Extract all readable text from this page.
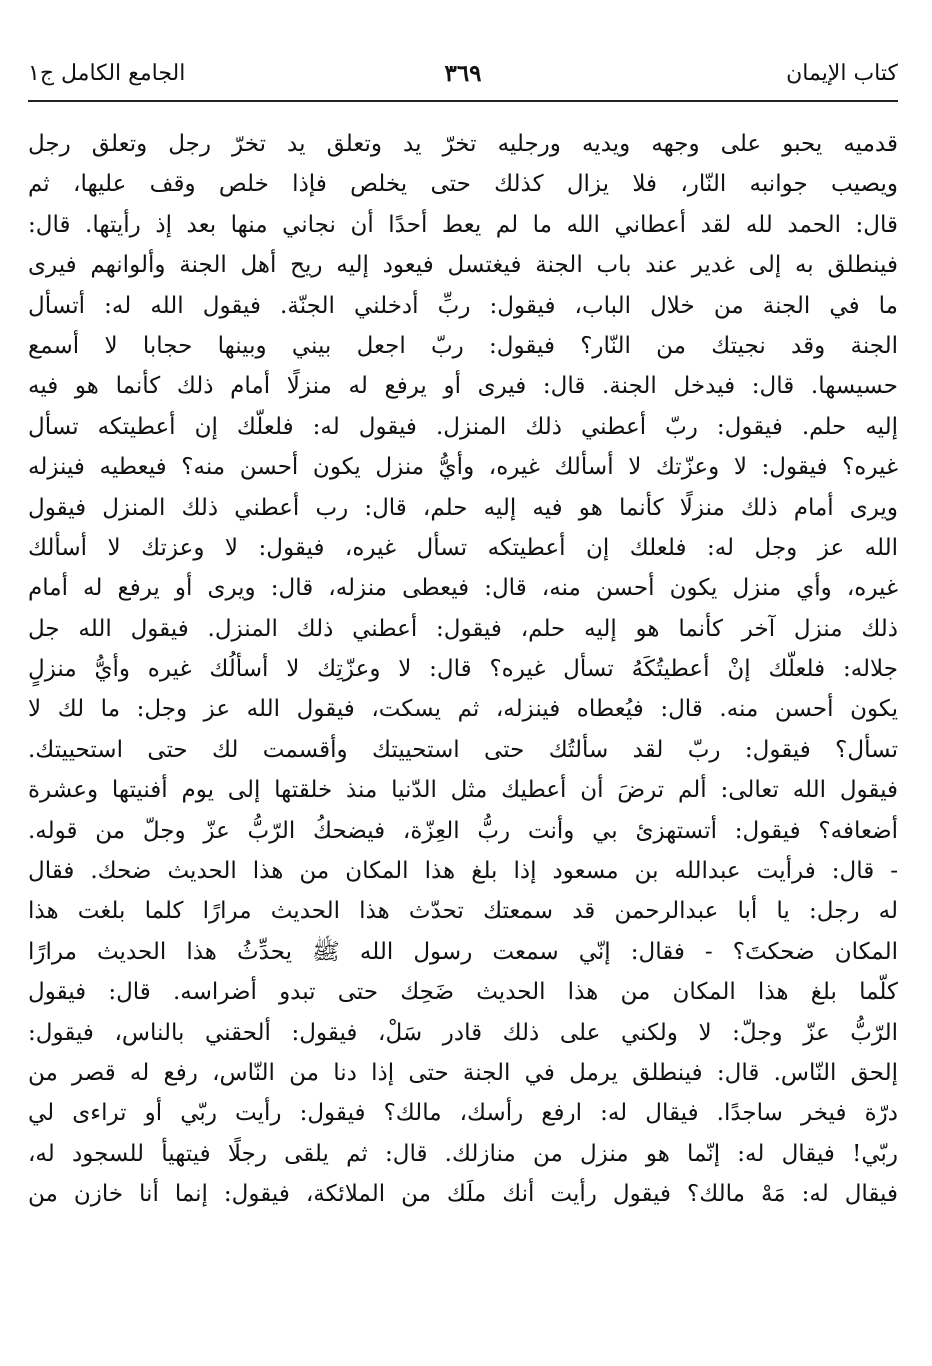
كتاب الإيمان
٣٦٩
الجامع الكامل ج١
قدميه يحبو على وجهه ويديه ورجليه تخرّ يد وتعلق يد تخرّ رجل وتعلق رجل
ويصيب جوانبه النّار، فلا يزال كذلك حتى يخلص فإذا خلص وقف عليها، ثم
قال: الحمد لله لقد أعطاني الله ما لم يعط أحدًا أن نجاني منها بعد إذ رأيتها. قال:
فينطلق به إلى غدير عند باب الجنة فيغتسل فيعود إليه ريح أهل الجنة وألوانهم فيرى
ما في الجنة من خلال الباب، فيقول: ربِّ أدخلني الجنّة. فيقول الله له: أتسأل
الجنة وقد نجيتك من النّار؟ فيقول: ربّ اجعل بيني وبينها حجابا لا أسمع
حسيسها. قال: فيدخل الجنة. قال: فيرى أو يرفع له منزلًا أمام ذلك كأنما هو فيه
إليه حلم. فيقول: ربّ أعطني ذلك المنزل. فيقول له: فلعلّك إن أعطيتكه تسأل
غيره؟ فيقول: لا وعزّتك لا أسألك غيره، وأيُّ منزل يكون أحسن منه؟ فيعطيه فينزله
ويرى أمام ذلك منزلًا كأنما هو فيه إليه حلم، قال: رب أعطني ذلك المنزل فيقول
الله عز وجل له: فلعلك إن أعطيتكه تسأل غيره، فيقول: لا وعزتك لا أسألك
غيره، وأي منزل يكون أحسن منه، قال: فيعطى منزله، قال: ويرى أو يرفع له أمام
ذلك منزل آخر كأنما هو إليه حلم، فيقول: أعطني ذلك المنزل. فيقول الله جل
جلاله: فلعلّك إنْ أعطيتُكَهُ تسأل غيره؟ قال: لا وعزّتِك لا أسألُك غيره وأيُّ منزلٍ
يكون أحسن منه. قال: فيُعطاه فينزله، ثم يسكت، فيقول الله عز وجل: ما لك لا
تسأل؟ فيقول: ربّ لقد سألتُك حتى استحييتك وأقسمت لك حتى استحييتك.
فيقول الله تعالى: ألم ترضَ أن أعطيك مثل الدّنيا منذ خلقتها إلى يوم أفنيتها وعشرة
أضعافه؟ فيقول: أتستهزئ بي وأنت ربُّ العِزّة، فيضحكُ الرّبُّ عزّ وجلّ من قوله.
- قال: فرأيت عبدالله بن مسعود إذا بلغ هذا المكان من هذا الحديث ضحك. فقال
له رجل: يا أبا عبدالرحمن قد سمعتك تحدّث هذا الحديث مرارًا كلما بلغت هذا
المكان ضحكتَ؟ - فقال: إنّي سمعت رسول الله ﷺ يحدِّثُ هذا الحديث مرارًا
كلّما بلغ هذا المكان من هذا الحديث ضَحِك حتى تبدو أضراسه. قال: فيقول
الرّبُّ عزّ وجلّ: لا ولكني على ذلك قادر سَلْ، فيقول: ألحقني بالناس، فيقول:
إلحق النّاس. قال: فينطلق يرمل في الجنة حتى إذا دنا من النّاس، رفع له قصر من
درّة فيخر ساجدًا. فيقال له: ارفع رأسك، مالك؟ فيقول: رأيت ربّي أو تراءى لي
ربّي! فيقال له: إنّما هو منزل من منازلك. قال: ثم يلقى رجلًا فيتهيأ للسجود له،
فيقال له: مَهْ مالك؟ فيقول رأيت أنك ملَك من الملائكة، فيقول: إنما أنا خازن من
